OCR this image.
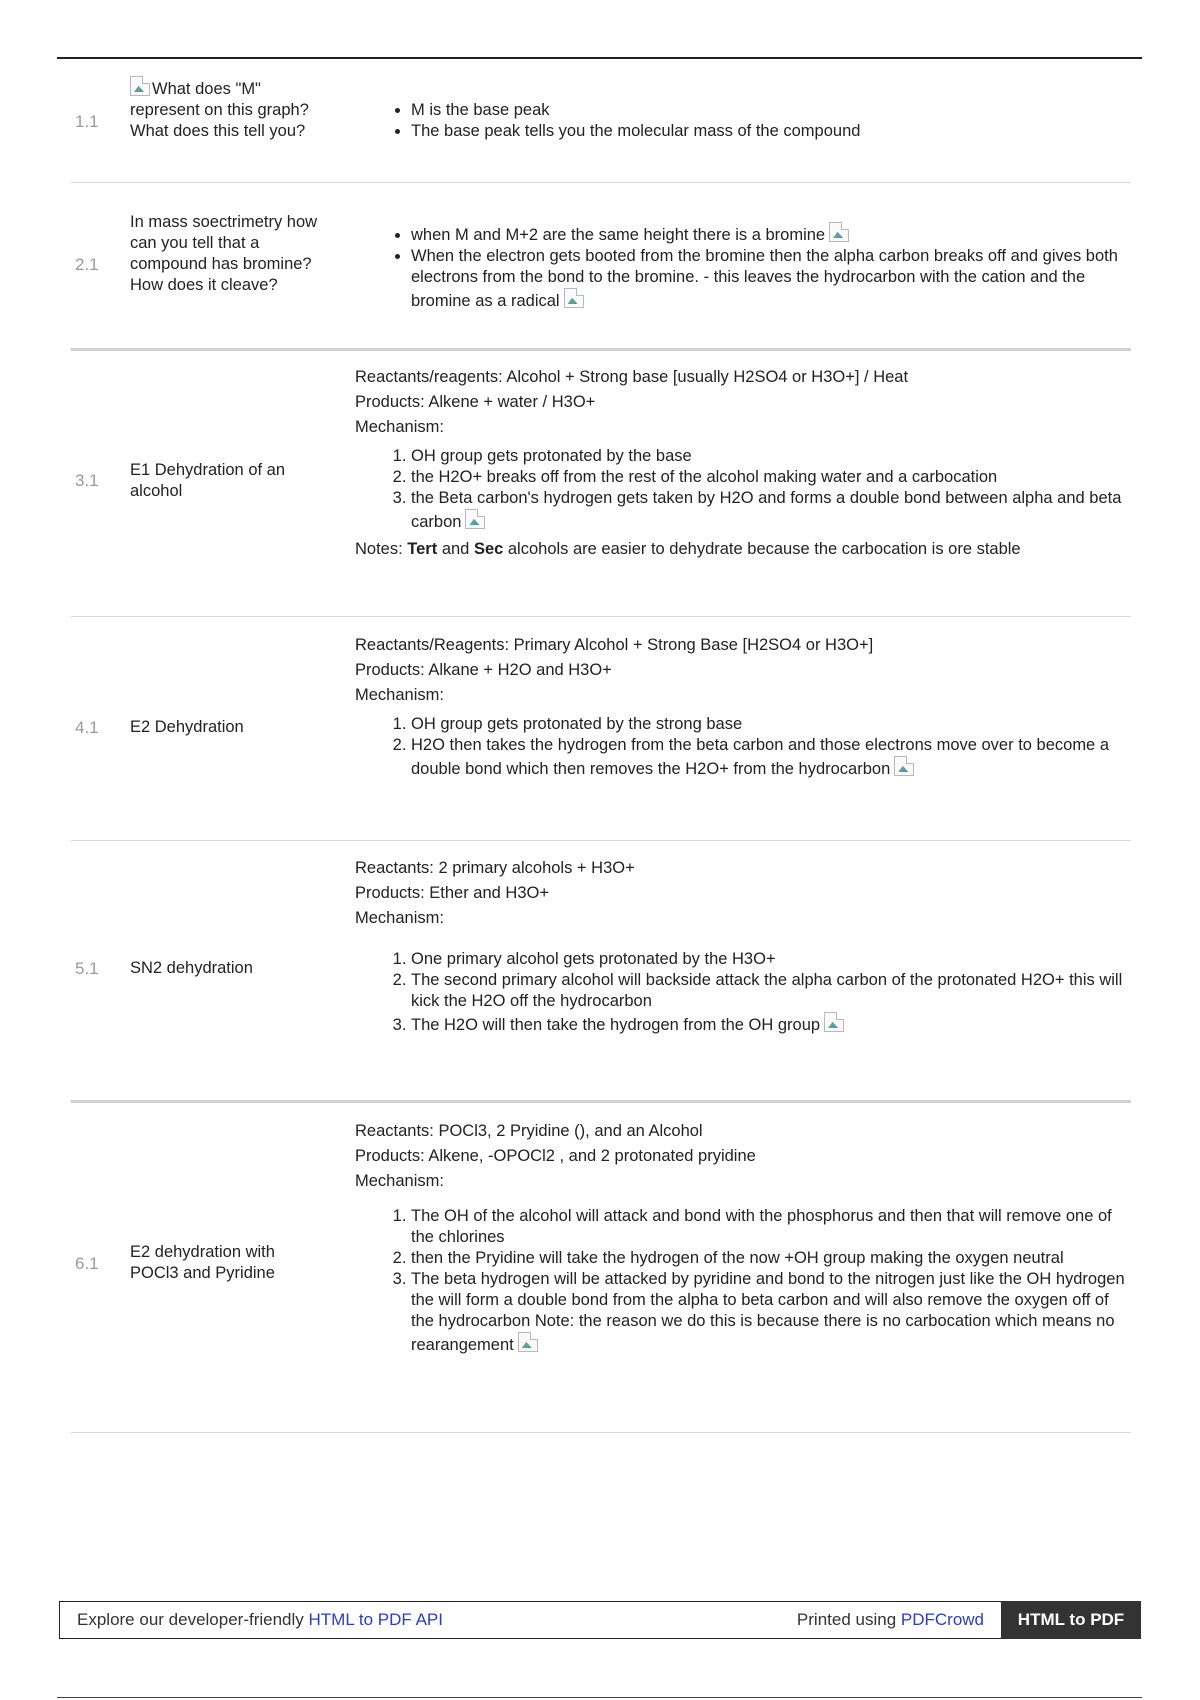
1.1
What does "M" represent on this graph? What does this tell you?
• M is the base peak
• The base peak tells you the molecular mass of the compound
2.1
In mass soectrimetry how can you tell that a compound has bromine? How does it cleave?
• when M and M+2 are the same height there is a bromine
• When the electron gets booted from the bromine then the alpha carbon breaks off and gives both electrons from the bond to the bromine. - this leaves the hydrocarbon with the cation and the bromine as a radical
3.1
E1 Dehydration of an alcohol

Reactants/reagents: Alcohol + Strong base [usually H2SO4 or H3O+] / Heat

Products: Alkene + water / H3O+

Mechanism:

1. OH group gets protonated by the base
2. the H2O+ breaks off from the rest of the alcohol making water and a carbocation
3. the Beta carbon's hydrogen gets taken by H2O and forms a double bond between alpha and beta carbon

Notes: Tert and Sec alcohols are easier to dehydrate because the carbocation is ore stable

4.1 E2 Dehydration

Reactants/Reagents: Primary Alcohol + Strong Base [H2SO4 or H3O+]

Products: Alkane + H2O and H3O+

Mechanism:

1. OH group gets protonated by the strong base
2. H2O then takes the hydrogen from the beta carbon and those electrons move over to become a double bond which then removes the H2O+ from the hydrocarbon
5.1 SN2 dehydration

Reactants: 2 primary alcohols + H3O+

Products: Ether and H3O+

Mechanism:

1. One primary alcohol gets protonated by the H3O+
2. The second primary alcohol will backside attack the alpha carbon of the protonated H2O+ this will kick the H2O off the hydrocarbon
3. The H2O will then take the hydrogen from the OH group
6.1
E2 dehydration with POCl3 and Pyridine

Reactants: POCl3, 2 Pryidine (), and an Alcohol

Products: Alkene, -OPOCl2 , and 2 protonated pryidine

Mechanism:

1. The OH of the alcohol will attack and bond with the phosphorus and then that will remove one of the chlorines
2. then the Pryidine will take the hydrogen of the now +OH group making the oxygen neutral
3. The beta hydrogen will be attacked by pyridine and bond to the nitrogen just like the OH hydrogen the will form a double bond from the alpha to beta carbon and will also remove the oxygen off of the hydrocarbon Note: the reason we do this is because there is no carbocation which means no rearangement
Explore our developer-friendly HTML to PDF API	Printed using PDFCrowd	HTML to PDF
